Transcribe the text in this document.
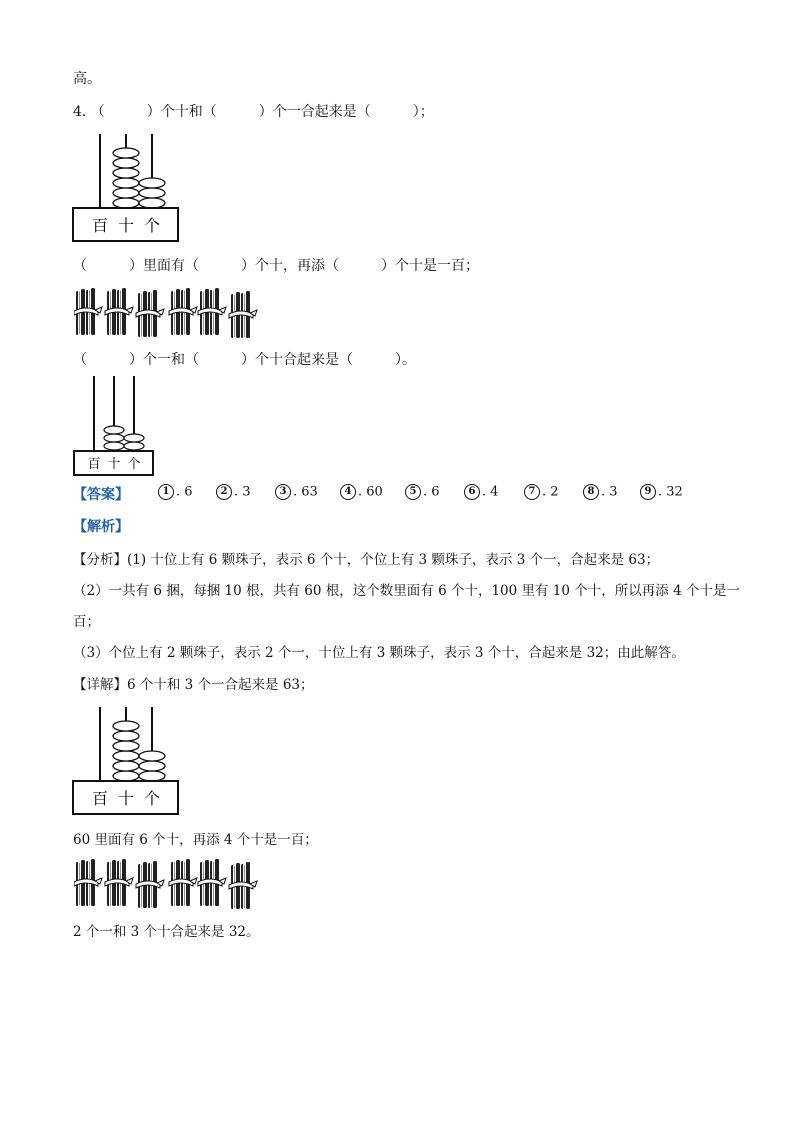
高。
4. （　　　）个十和（　　　）个一合起来是（　　　）；
百 十 个
（　　　）里面有（　　　）个十，再添（　　　）个十是一百；
（　　　）个一和（　　　）个十合起来是（　　　）。
百 十 个
【答案】	1 . 6	2 . 3	3 . 63	4 . 60	5 . 6	6 . 4	7 . 2	8 . 3	9 . 32
【解析】
【分析】(1) 十位上有 6 颗珠子，表示 6 个十，个位上有 3 颗珠子，表示 3 个一，合起来是 63；
（2）一共有 6 捆，每捆 10 根，共有 60 根，这个数里面有 6 个十，100 里有 10 个十，所以再添 4 个十是一
百；
（3）个位上有 2 颗珠子，表示 2 个一，十位上有 3 颗珠子，表示 3 个十，合起来是 32；由此解答。
【详解】6 个十和 3 个一合起来是 63；
百 十 个
60 里面有 6 个十，再添 4 个十是一百；
2 个一和 3 个十合起来是 32。
